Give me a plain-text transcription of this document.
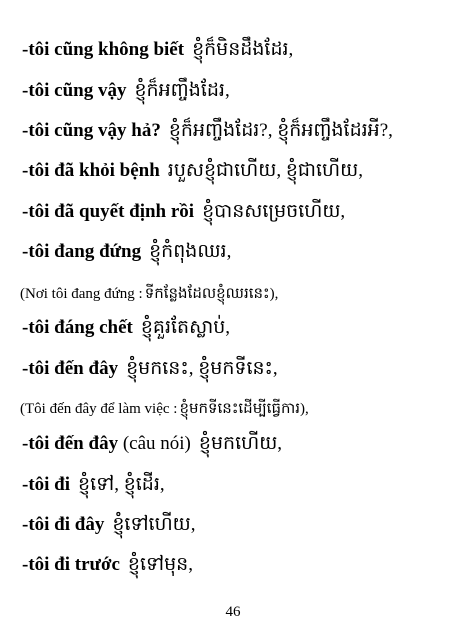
-tôi cũng không biết ខ្ញុំក៏មិនដឹងដែរ,
-tôi cũng vậy ខ្ញុំក៏អញ្ចឹងដែរ,
-tôi cũng vậy hả? ខ្ញុំក៏អញ្ចឹងដែរ?, ខ្ញុំក៏អញ្ចឹងដែរអី?,
-tôi đã khỏi bệnh របួសខ្ញុំជាហើយ, ខ្ញុំជាហើយ,
-tôi đã quyết định rồi ខ្ញុំបានសម្រេចហើយ,
-tôi đang đứng ខ្ញុំកំពុងឈរ,
(Nơi tôi đang đứng : ទីកន្លែងដែលខ្ញុំឈរនេះ),
-tôi đáng chết ខ្ញុំគួរតែស្លាប់,
-tôi đến đây ខ្ញុំមកនេះ, ខ្ញុំមកទីនេះ,
(Tôi đến đây để làm việc : ខ្ញុំមកទីនេះដើម្បីធ្វើការ),
-tôi đến đây (câu nói) ខ្ញុំមកហើយ,
-tôi đi ខ្ញុំទៅ, ខ្ញុំដើរ,
-tôi đi đây ខ្ញុំទៅហើយ,
-tôi đi trước ខ្ញុំទៅមុន,
46
